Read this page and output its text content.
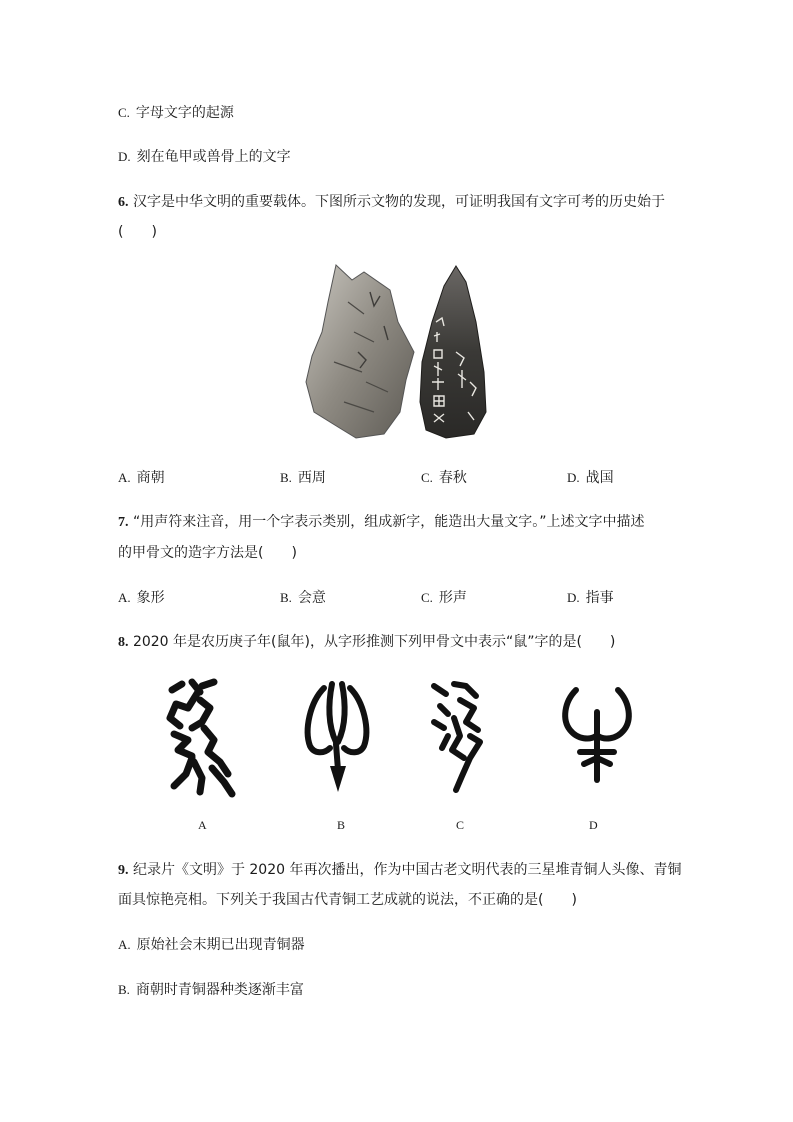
C. 字母文字的起源
D. 刻在龟甲或兽骨上的文字
6. 汉字是中华文明的重要载体。下图所示文物的发现，可证明我国有文字可考的历史始于
(　　)
A. 商朝	B. 西周	C. 春秋	D. 战国
7. “用声符来注音，用一个字表示类别，组成新字，能造出大量文字。”上述文字中描述
的甲骨文的造字方法是(　　)
A. 象形	B. 会意	C. 形声	D. 指事
8. 2020 年是农历庚子年(鼠年)，从字形推测下列甲骨文中表示“鼠”字的是(　　)
A	B	C	D
9. 纪录片《文明》于 2020 年再次播出，作为中国古老文明代表的三星堆青铜人头像、青铜
面具惊艳亮相。下列关于我国古代青铜工艺成就的说法，不正确的是(　　)
A. 原始社会末期已出现青铜器
B. 商朝时青铜器种类逐渐丰富
